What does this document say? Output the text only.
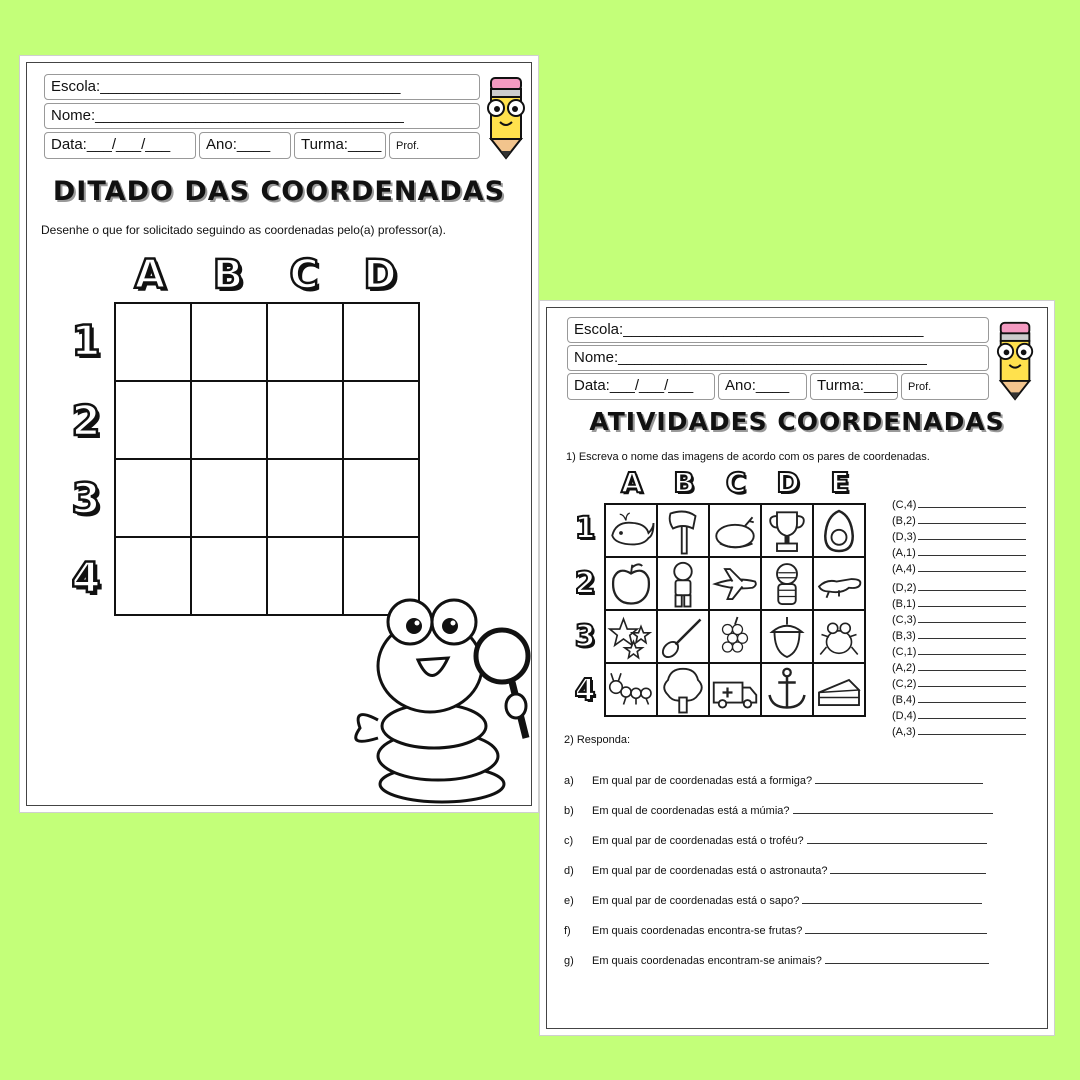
Escola:____________________________________
Nome:_____________________________________
Data:___/___/___	Ano:____	Turma:____	Prof.
DITADO DAS COORDENADAS
Desenhe o que for solicitado seguindo as coordenadas pelo(a) professor(a).
A B C D
1
2
3
4

Escola:____________________________________
Nome:_____________________________________
Data:___/___/___	Ano:____	Turma:____ Prof.
ATIVIDADES COORDENADAS
1) Escreva o nome das imagens de acordo com os pares de coordenadas.
A B C D	E
1
2
3
4

(C,4)
(B,2)
(D,3)
(A,1)
(A,4)
(D,2)
(B,1)
(C,3)
(B,3)
(C,1)
(A,2)
(C,2)
(B,4)
(D,4)
(A,3)
2) Responda:
a) Em qual par de coordenadas está a formiga?
b) Em qual de coordenadas está a múmia?
c) Em qual par de coordenadas está o troféu?
d) Em qual par de coordenadas está o astronauta?
e) Em qual par de coordenadas está o sapo?
f) Em quais coordenadas encontra-se frutas?
g) Em quais coordenadas encontram-se animais?
